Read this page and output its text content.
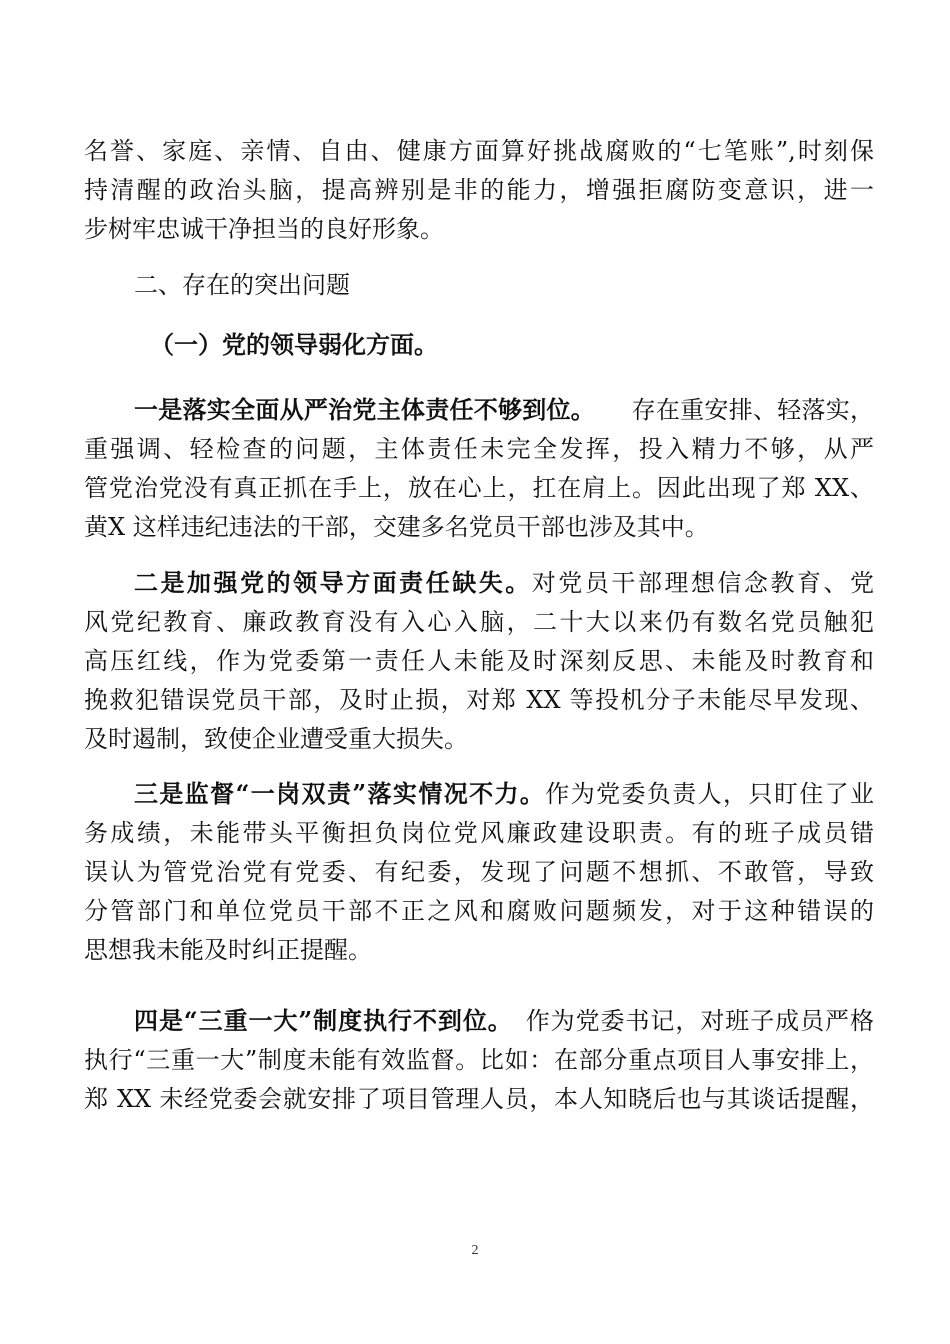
名誉、家庭、亲情、自由、健康方面算好挑战腐败的“七笔账”,时刻保
持清醒的政治头脑，提高辨别是非的能力，增强拒腐防变意识，进一
步树牢忠诚干净担当的良好形象。
二、存在的突出问题
（一）党的领导弱化方面。
一是落实全面从严治党主体责任不够到位。　　 存在重安排、轻落实，
重强调、轻检查的问题，主体责任未完全发挥，投入精力不够，从严
管党治党没有真正抓在手上，放在心上，扛在肩上。因此出现了郑 XX、
黄X 这样违纪违法的干部，交建多名党员干部也涉及其中。
二是加强党的领导方面责任缺失。对党员干部理想信念教育、党
风党纪教育、廉政教育没有入心入脑，二十大以来仍有数名党员触犯
高压红线，作为党委第一责任人未能及时深刻反思、未能及时教育和
挽救犯错误党员干部，及时止损，对郑 XX 等投机分子未能尽早发现、
及时遏制，致使企业遭受重大损失。
三是监督“一岗双责”落实情况不力。作为党委负责人，只盯住了业
务成绩，未能带头平衡担负岗位党风廉政建设职责。有的班子成员错
误认为管党治党有党委、有纪委，发现了问题不想抓、不敢管，导致
分管部门和单位党员干部不正之风和腐败问题频发，对于这种错误的
思想我未能及时纠正提醒。
四是“三重一大”制度执行不到位。　 作为党委书记，对班子成员严格
执行“三重一大”制度未能有效监督。比如：在部分重点项目人事安排上，
郑 XX 未经党委会就安排了项目管理人员，本人知晓后也与其谈话提醒，
2
